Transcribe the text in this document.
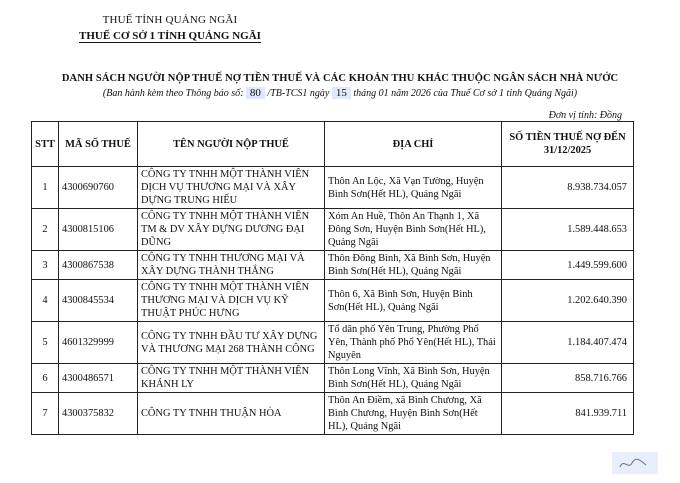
THUẾ TỈNH QUẢNG NGÃI
THUẾ CƠ SỞ 1 TỈNH QUẢNG NGÃI
DANH SÁCH NGƯỜI NỘP THUẾ NỢ TIỀN THUẾ VÀ CÁC KHOẢN THU KHÁC THUỘC NGÂN SÁCH NHÀ NƯỚC
(Ban hành kèm theo Thông báo số: 80 /TB-TCS1 ngày 15 tháng 01 năm 2026 của Thuế Cơ sở 1 tỉnh Quảng Ngãi)
Đơn vị tính: Đồng
STT	MÃ SỐ THUẾ	TÊN NGƯỜI NỘP THUẾ	ĐỊA CHỈ	SỐ TIỀN THUẾ NỢ ĐẾN 31/12/2025
1	4300690760	CÔNG TY TNHH MỘT THÀNH VIÊN DỊCH VỤ THƯƠNG MẠI VÀ XÂY DỰNG TRUNG HIẾU	Thôn An Lộc, Xã Vạn Tường, Huyện Bình Sơn(Hết HL), Quảng Ngãi	8.938.734.057
2	4300815106	CÔNG TY TNHH MỘT THÀNH VIÊN TM & DV XÂY DỰNG DƯƠNG ĐẠI DŨNG	Xóm An Huề, Thôn An Thạnh 1, Xã Đông Sơn, Huyện Bình Sơn(Hết HL), Quảng Ngãi	1.589.448.653
3	4300867538	CÔNG TY TNHH THƯƠNG MẠI VÀ XÂY DỰNG THÀNH THẮNG	Thôn Đông Bình, Xã Bình Sơn, Huyện Bình Sơn(Hết HL), Quảng Ngãi	1.449.599.600
4	4300845534	CÔNG TY TNHH MỘT THÀNH VIÊN THƯƠNG MẠI VÀ DỊCH VỤ KỸ THUẬT PHÚC HƯNG	Thôn 6, Xã Bình Sơn, Huyện Bình Sơn(Hết HL), Quảng Ngãi	1.202.640.390
5	4601329999	CÔNG TY TNHH ĐẦU TƯ XÂY DỰNG VÀ THƯƠNG MẠI 268 THÀNH CÔNG	Tổ dân phố Yên Trung, Phường Phổ Yên, Thành phố Phổ Yên(Hết HL), Thái Nguyên	1.184.407.474
6	4300486571	CÔNG TY TNHH MỘT THÀNH VIÊN KHÁNH LY	Thôn Long Vĩnh, Xã Bình Sơn, Huyện Bình Sơn(Hết HL), Quảng Ngãi	858.716.766
7	4300375832	CÔNG TY TNHH THUẬN HÒA	Thôn An Điềm, xã Bình Chương, Xã Bình Chương, Huyện Bình Sơn(Hết HL), Quảng Ngãi	841.939.711
